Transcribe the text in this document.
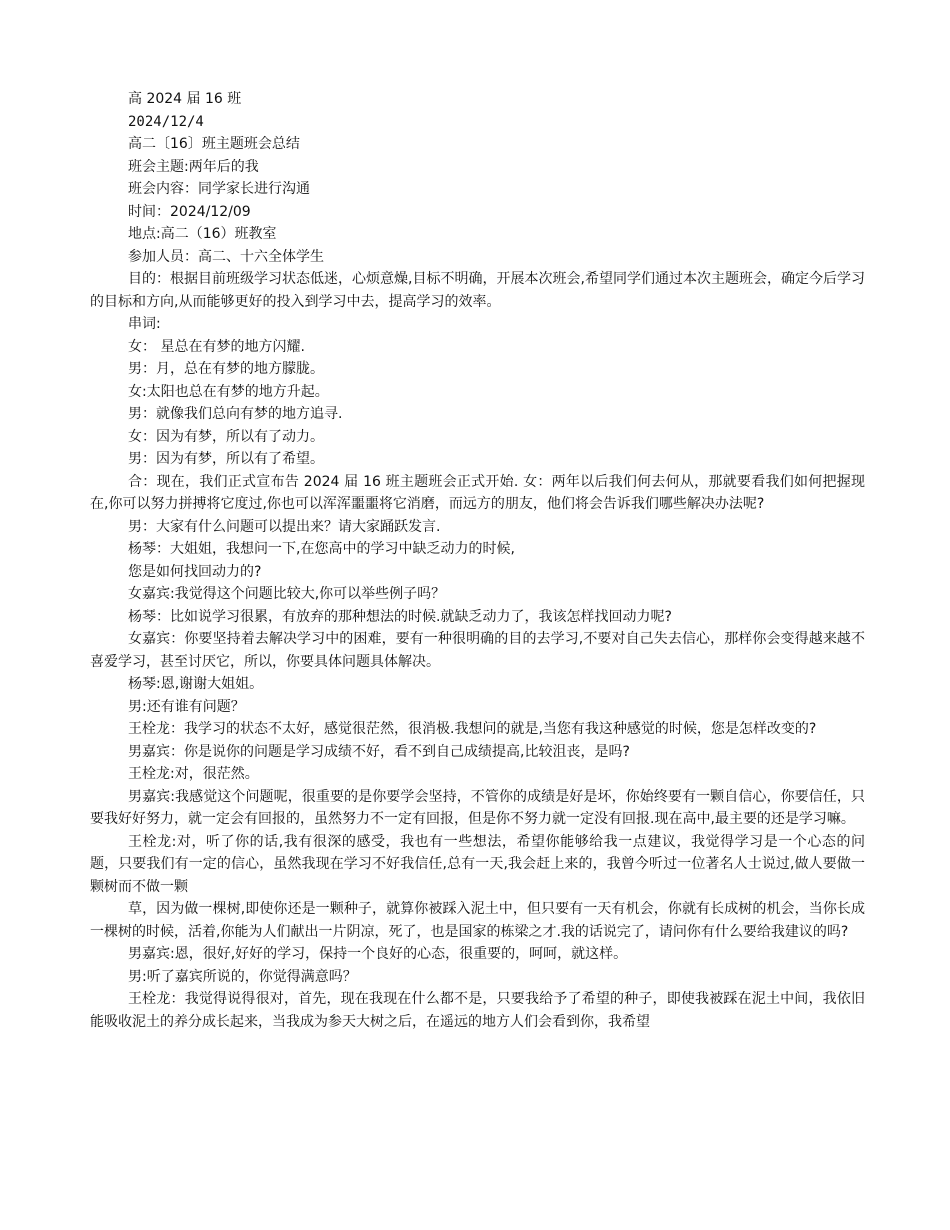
高 2024 届 16 班

2024/12/4

高二〔16〕班主题班会总结

班会主题:两年后的我

班会内容：同学家长进行沟通

时间：2024/12/09

地点:高二（16）班教室

参加人员：高二、十六全体学生

目的：根据目前班级学习状态低迷，心烦意燥,目标不明确，开展本次班会,希望同学们通过本次主题班会，确定今后学习的目标和方向,从而能够更好的投入到学习中去，提高学习的效率。

串词:

女： 星总在有梦的地方闪耀.

男：月，总在有梦的地方朦胧。

女:太阳也总在有梦的地方升起。

男：就像我们总向有梦的地方追寻.

女：因为有梦，所以有了动力。

男：因为有梦，所以有了希望。

合：现在，我们正式宣布告 2024 届 16 班主题班会正式开始. 女：两年以后我们何去何从，那就要看我们如何把握现在,你可以努力拼搏将它度过,你也可以浑浑噩噩将它消磨，而远方的朋友，他们将会告诉我们哪些解决办法呢?

男：大家有什么问题可以提出来？请大家踊跃发言.

杨琴：大姐姐，我想问一下,在您高中的学习中缺乏动力的时候,

您是如何找回动力的?

女嘉宾:我觉得这个问题比较大,你可以举些例子吗？

杨琴：比如说学习很累，有放弃的那种想法的时候.就缺乏动力了，我该怎样找回动力呢?

女嘉宾：你要坚持着去解决学习中的困难，要有一种很明确的目的去学习,不要对自己失去信心，那样你会变得越来越不喜爱学习，甚至讨厌它，所以，你要具体问题具体解决。

杨琴:恩,谢谢大姐姐。

男:还有谁有问题？

王栓龙：我学习的状态不太好，感觉很茫然，很消极.我想问的就是,当您有我这种感觉的时候，您是怎样改变的?

男嘉宾：你是说你的问题是学习成绩不好，看不到自己成绩提高,比较沮丧，是吗?

王栓龙:对，很茫然。

男嘉宾:我感觉这个问题呢，很重要的是你要学会坚持，不管你的成绩是好是坏，你始终要有一颗自信心，你要信任，只要我好好努力，就一定会有回报的，虽然努力不一定有回报，但是你不努力就一定没有回报.现在高中,最主要的还是学习嘛。

王栓龙:对，听了你的话,我有很深的感受，我也有一些想法，希望你能够给我一点建议，我觉得学习是一个心态的问题，只要我们有一定的信心，虽然我现在学习不好我信任,总有一天,我会赶上来的，我曾今听过一位著名人士说过,做人要做一颗树而不做一颗

草，因为做一棵树,即使你还是一颗种子，就算你被踩入泥土中，但只要有一天有机会，你就有长成树的机会，当你长成一棵树的时候，活着,你能为人们献出一片阴凉，死了，也是国家的栋梁之才.我的话说完了，请问你有什么要给我建议的吗?

男嘉宾:恩，很好,好好的学习，保持一个良好的心态，很重要的，呵呵，就这样。

男:听了嘉宾所说的，你觉得满意吗？

王栓龙：我觉得说得很对，首先，现在我现在什么都不是，只要我给予了希望的种子，即使我被踩在泥土中间，我依旧能吸收泥土的养分成长起来，当我成为参天大树之后，在遥远的地方人们会看到你，我希望
